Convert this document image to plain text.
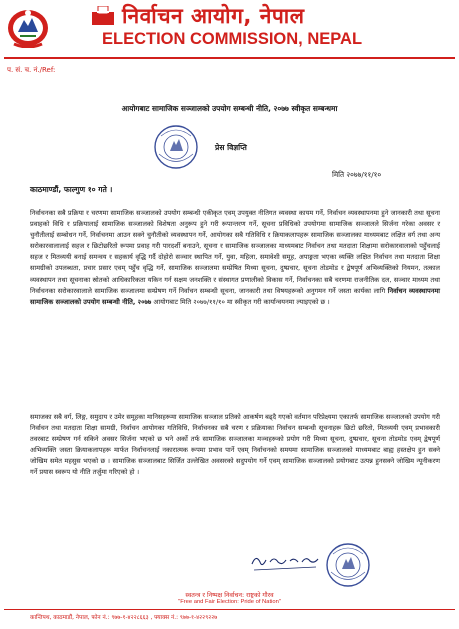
निर्वाचन आयोग, नेपाल
ELECTION COMMISSION, NEPAL
प. सं. च. नं./Ref:
आयोगबाट सामाजिक सञ्जालको उपयोग सम्बन्धी नीति, २०७७ स्वीकृत सम्बन्धमा
प्रेस विज्ञप्ति
मिति २०७७/११/१०
काठमाण्डौं, फाल्गुण १० गते ।

निर्वाचनका सबै प्रक्रिया र चरणमा सामाजिक सञ्जालको उपयोग सम्बन्धी एकीकृत एवम् उपयुक्त नीतिगत व्यवस्था कायम गर्ने, निर्वाचन व्यवस्थापनमा हुने जानकारी तथा सूचना प्रवाहको विधि र प्रक्रियालाई सामाजिक सञ्जालको विशेषता अनुरूप हुने गरी रूपान्तरण गर्ने, सूचना प्रविधिको उपयोगमा सामाजिक सञ्जालले सिर्जना गरेका अवसर र चुनौतीलाई सम्बोधन गर्ने, निर्वाचनमा आउन सक्ने चुनौतीको व्यवस्थापन गर्ने, आयोगका सबै गतिविधि र क्रियाकलापहरू सामाजिक सञ्जालका माध्यमबाट लक्षित वर्ग तथा अन्य सरोकारवालालाई सहज र छिटोछरितो रूपमा प्रवाह गरी पारदर्शी बनाउने, सूचना र सामाजिक सञ्जालका माध्यमबाट निर्वाचन तथा मतदाता शिक्षामा सरोकारवालाको पहुँचलाई सहज र मितव्ययी बनाई समन्वय र सहकार्य वृद्धि गर्दै दोहोरो सञ्चार स्थापित गर्ने, युवा, महिला, समावेशी समूह, अपाङ्गता भएका व्यक्ति लक्षित निर्वाचन तथा मतदाता शिक्षा सामग्रीको उपलब्धता, प्रचार प्रसार एवम् पहुँच वृद्धि गर्ने, सामाजिक सञ्जालमा सम्प्रेषित मिथ्या सूचना, दुष्प्रचार, सूचना तोडमोड र द्वेषपूर्ण अभिव्यक्तिको नियमन, तत्काल व्यवस्थापन तथा सूचनाका स्रोतको आधिकारिकता यकिन गर्न सक्षम जनशक्ति र संस्थागत प्रणालीको विकास गर्ने, निर्वाचनका सबै चरणमा राजनीतिक दल, सञ्चार माध्यम तथा निर्वाचनका सरोकारवालाले सामाजिक सञ्जालमा सम्प्रेषण गर्ने निर्वाचन सम्बन्धी सूचना, जानकारी तथा विषयहरूको अनुगमन गर्ने जस्ता कार्यका लागि निर्वाचन व्यवस्थापनमा सामाजिक सञ्जालको उपयोग सम्बन्धी नीति, २०७७ आयोगबाट मिति २०७७/११/१० मा स्वीकृत गरी कार्यान्वयनमा ल्याइएको छ ।

समाजका सबै वर्ग, लिङ्ग, समुदाय र उमेर समूहका मानिसहरूमा सामाजिक सञ्जाल प्रतिको आकर्षण बढ्दै गएको वर्तमान परिप्रेक्ष्यमा एकातर्फ सामाजिक सञ्जालको उपयोग गरी निर्वाचन तथा मतदाता शिक्षा सामग्री, निर्वाचन आयोगका गतिविधि, निर्वाचनका सबै चरण र प्रक्रियाका निर्वाचन सम्बन्धी सूचनाहरू छिटो छरितो, मितव्ययी एवम् प्रभावकारी तवरबाट सम्प्रेषण गर्न सकिने अवसर सिर्जना भएको छ भने अर्को तर्फ सामाजिक सञ्जालका मञ्चहरूको प्रयोग गरी मिथ्या सूचना, दुष्प्रचार, सूचना तोडमोड एवम् द्वेषपूर्ण अभिव्यक्ति जस्ता क्रियाकलापहरू मार्फत निर्वाचनलाई नकारात्मक रूपमा प्रभाव पार्ने एवम् निर्वाचनको समयमा सामाजिक सञ्जालको माध्यमबाट बाह्य हस्तक्षेप हुन सक्ने जोखिम समेत महसुस भएको छ । सामाजिक सञ्जालबाट सिर्जित उल्लेखित अवसरको सदुपयोग गर्ने एवम् सामाजिक सञ्जालको प्रयोगबाट उत्पन्न हुनसक्ने जोखिम न्यूनीकरण गर्ने प्रयास स्वरूप यो नीति तर्जुमा गरिएको हो ।

स्वतन्त्र र निष्पक्ष निर्वाचन: राष्ट्रको गौरव
"Free and Fair Election: Pride of Nation"
कान्तिपथ, काठमाडौं, नेपाल, फोन नं.: ९७७-१-४२२८६६३ , फ्याक्स नं.: ९७७-१-४२२९२२७
